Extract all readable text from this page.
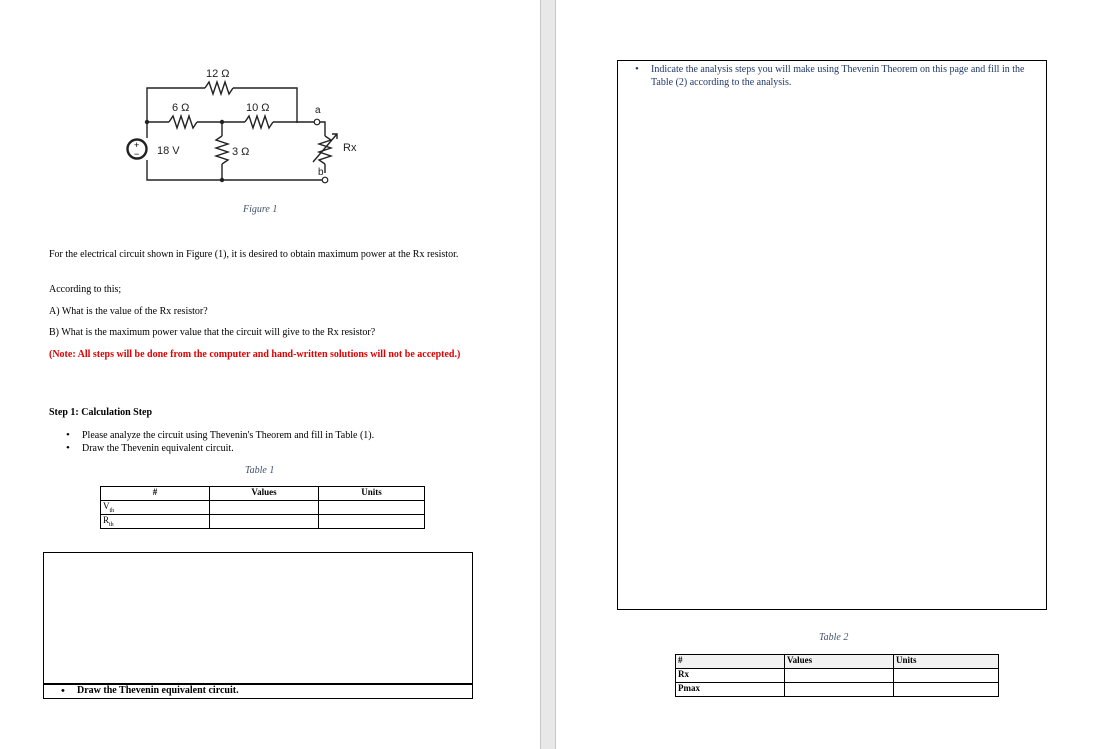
+
−
12 Ω
6 Ω	10 Ω
3 Ω
18 V
a
b
Rx
Figure 1
For the electrical circuit shown in Figure (1), it is desired to obtain maximum power at the Rx resistor.
According to this;
A) What is the value of the Rx resistor?
B) What is the maximum power value that the circuit will give to the Rx resistor?
(Note: All steps will be done from the computer and hand-written solutions will not be accepted.)
Step 1: Calculation Step
• Please analyze the circuit using Thevenin's Theorem and fill in Table (1).
• Draw the Thevenin equivalent circuit.
Table 1
#	Values	Units
$V_{th}$		
$R_{th}$		
• Draw the Thevenin equivalent circuit.
• Indicate the analysis steps you will make using Thevenin Theorem on this page and fill in the Table (2) according to the analysis.
Table 2
#	Values	Units
Rx		
Pmax		
